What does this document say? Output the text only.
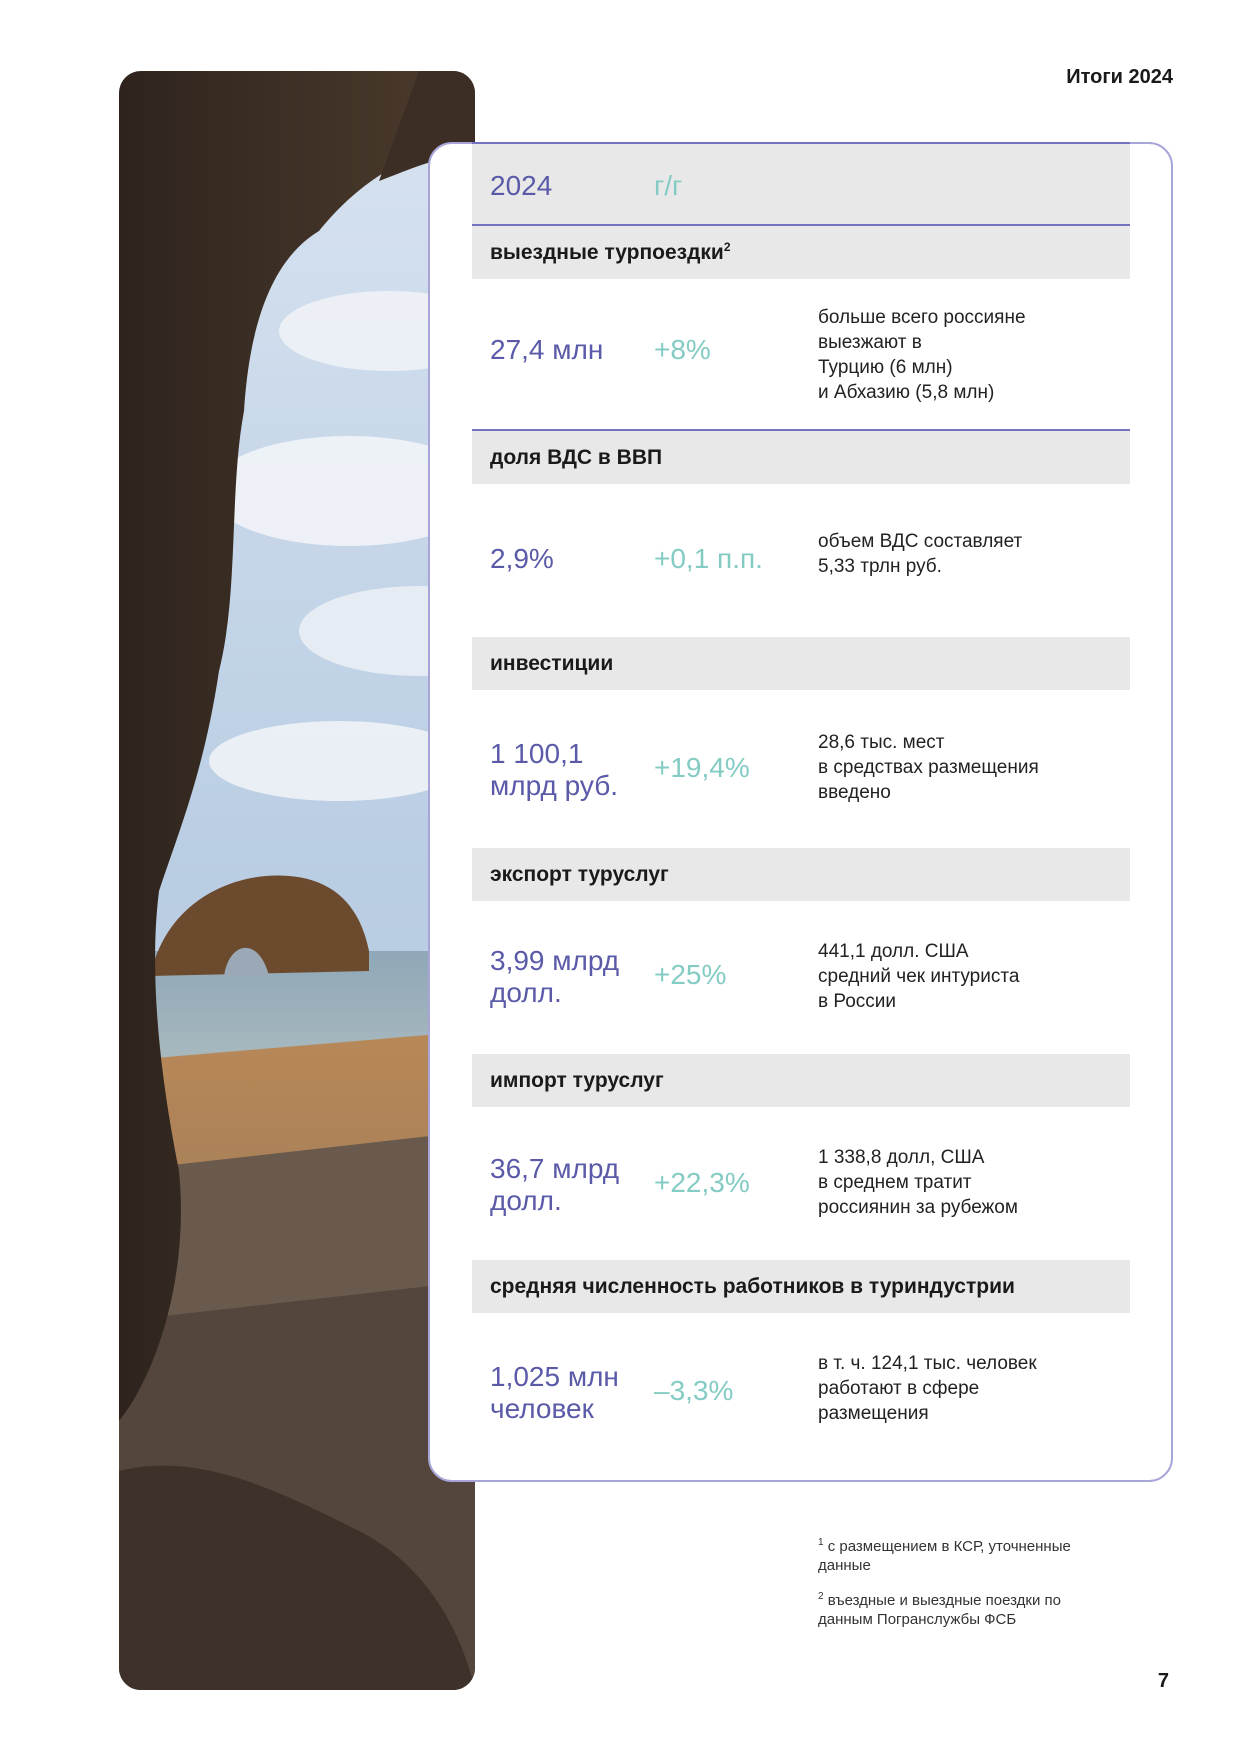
Итоги 2024
2024	г/г
выездные турпоездки$^2$
27,4 млн +8%
больше всего россияне
выезжают в
Турцию (6 млн)
и Абхазию (5,8 млн)
доля ВДС в ВВП
2,9%	+0,1 п.п.
объем ВДС составляет
5,33 трлн руб.
инвестиции
1 100,1 млрд руб.
+19,4%
28,6 тыс. мест
в средствах размещения
введено
экспорт туруслуг
3,99 млрд долл.
+25%
441,1 долл. США
средний чек интуриста
в России
импорт туруслуг
36,7 млрд долл.
+22,3%
1 338,8 долл, США
в среднем тратит
россиянин за рубежом
средняя численность работников в туриндустрии
1,025 млн человек
–3,3%
в т. ч. 124,1 тыс. человек
работают в сфере
размещения
$^1$ с размещением в КСР, уточненные данные
$^2$ въездные и выездные поездки по данным Погранслужбы ФСБ
7
